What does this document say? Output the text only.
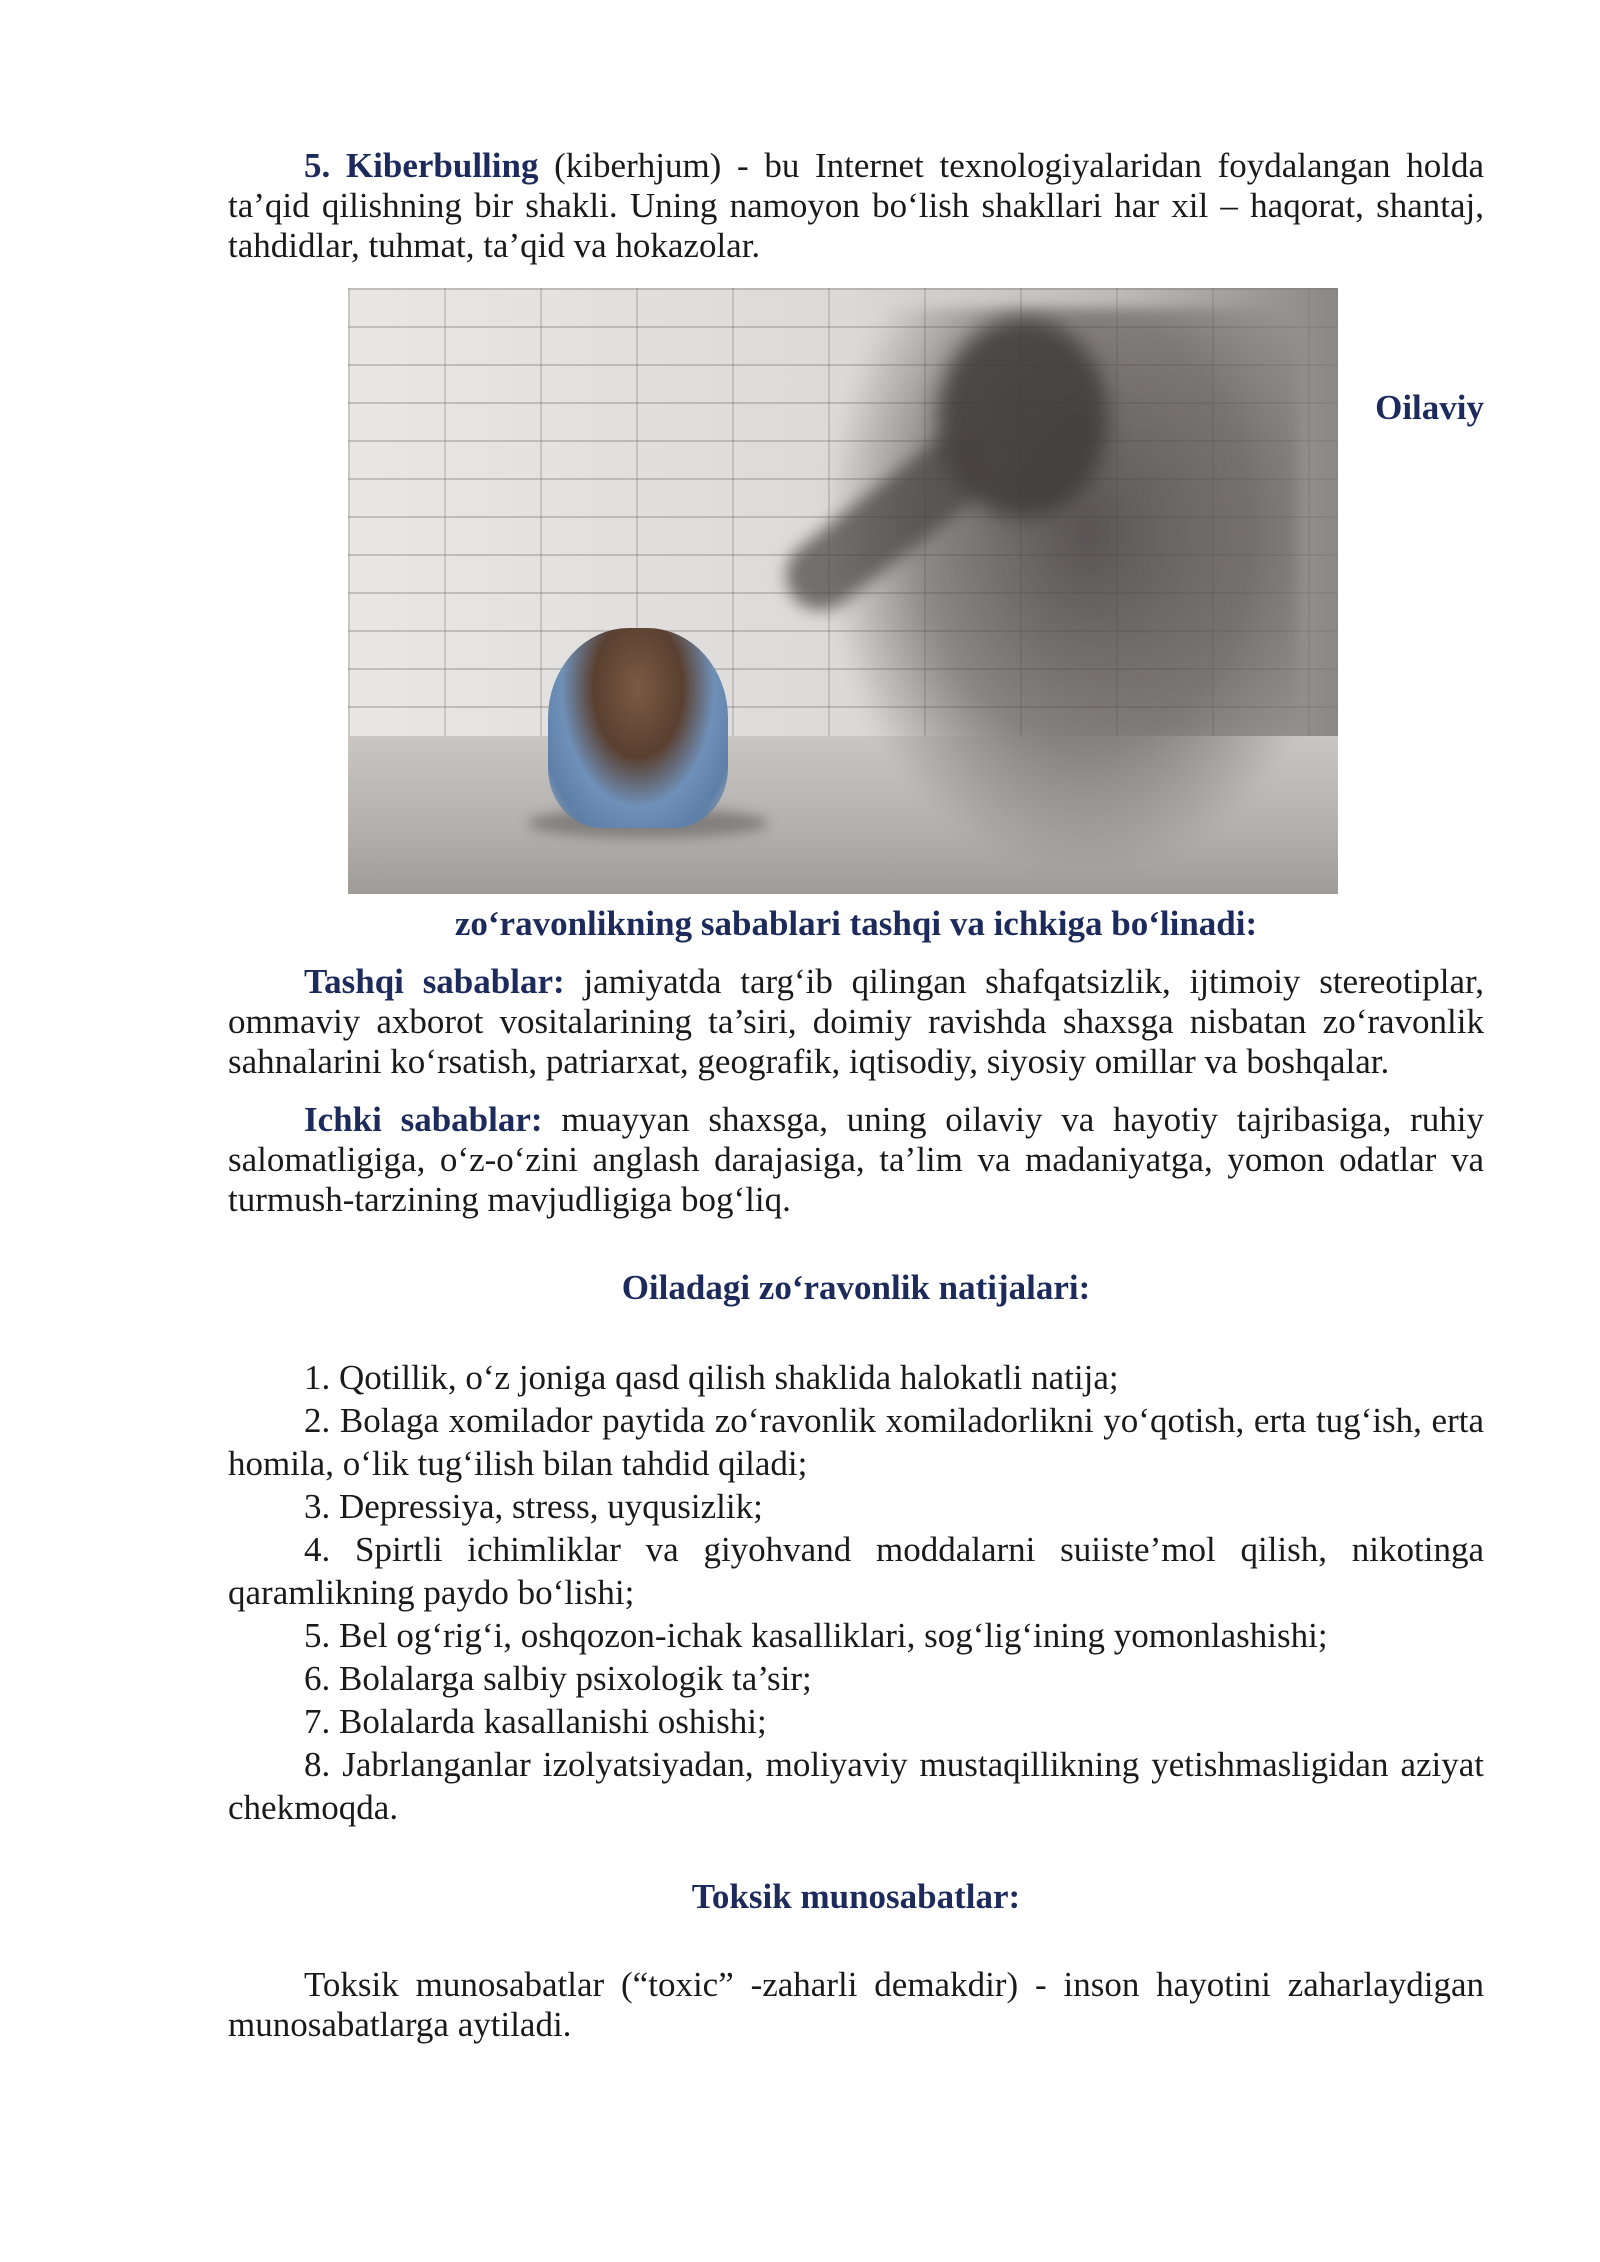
5. Kiberbulling (kiberhjum) - bu Internet texnologiyalaridan foydalangan holda ta’qid qilishning bir shakli. Uning namoyon bo‘lish shakllari har xil – haqorat, shantaj, tahdidlar, tuhmat, ta’qid va hokazolar.

Oilaviy
zo‘ravonlikning sabablari tashqi va ichkiga bo‘linadi:

Tashqi sabablar: jamiyatda targ‘ib qilingan shafqatsizlik, ijtimoiy stereotiplar, ommaviy axborot vositalarining ta’siri, doimiy ravishda shaxsga nisbatan zo‘ravonlik sahnalarini ko‘rsatish, patriarxat, geografik, iqtisodiy, siyosiy omillar va boshqalar.

Ichki sabablar: muayyan shaxsga, uning oilaviy va hayotiy tajribasiga, ruhiy salomatligiga, o‘z-o‘zini anglash darajasiga, ta’lim va madaniyatga, yomon odatlar va turmush-tarzining mavjudligiga bog‘liq.

Oiladagi zo‘ravonlik natijalari:

1. Qotillik, o‘z joniga qasd qilish shaklida halokatli natija;

2. Bolaga xomilador paytida zo‘ravonlik xomiladorlikni yo‘qotish, erta tug‘ish, erta homila, o‘lik tug‘ilish bilan tahdid qiladi;

3. Depressiya, stress, uyqusizlik;

4. Spirtli ichimliklar va giyohvand moddalarni suiiste’mol qilish, nikotinga qaramlikning paydo bo‘lishi;

5. Bel og‘rig‘i, oshqozon-ichak kasalliklari, sog‘lig‘ining yomonlashishi;

6. Bolalarga salbiy psixologik ta’sir;

7. Bolalarda kasallanishi oshishi;

8. Jabrlanganlar izolyatsiyadan, moliyaviy mustaqillikning yetishmasligidan aziyat chekmoqda.

Toksik munosabatlar:

Toksik munosabatlar (“toxic” -zaharli demakdir) - inson hayotini zaharlaydigan munosabatlarga aytiladi.
